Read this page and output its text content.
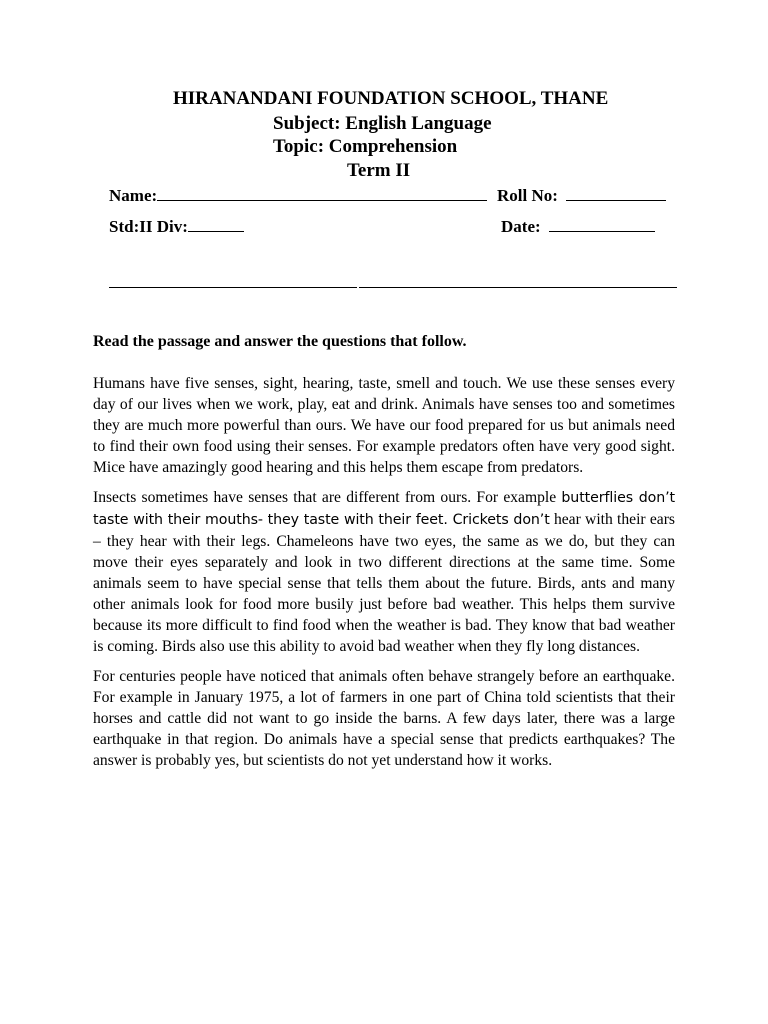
HIRANANDANI FOUNDATION SCHOOL, THANE
Subject: English Language
Topic: Comprehension
Term II
Name:	Roll No:
Std:II Div:	Date:
Read the passage and answer the questions that follow.

Humans have five senses, sight, hearing, taste, smell and touch. We use these senses every day of our lives when we work, play, eat and drink. Animals have senses too and sometimes they are much more powerful than ours. We have our food prepared for us but animals need to find their own food using their senses. For example predators often have very good sight. Mice have amazingly good hearing and this helps them escape from predators.

Insects sometimes have senses that are different from ours. For example butterflies don’t taste with their mouths- they taste with their feet. Crickets don’t hear with their ears – they hear with their legs. Chameleons have two eyes, the same as we do, but they can move their eyes separately and look in two different directions at the same time. Some animals seem to have special sense that tells them about the future. Birds, ants and many other animals look for food more busily just before bad weather. This helps them survive because its more difficult to find food when the weather is bad. They know that bad weather is coming. Birds also use this ability to avoid bad weather when they fly long distances.

For centuries people have noticed that animals often behave strangely before an earthquake. For example in January 1975, a lot of farmers in one part of China told scientists that their horses and cattle did not want to go inside the barns. A few days later, there was a large earthquake in that region. Do animals have a special sense that predicts earthquakes? The answer is probably yes, but scientists do not yet understand how it works.
